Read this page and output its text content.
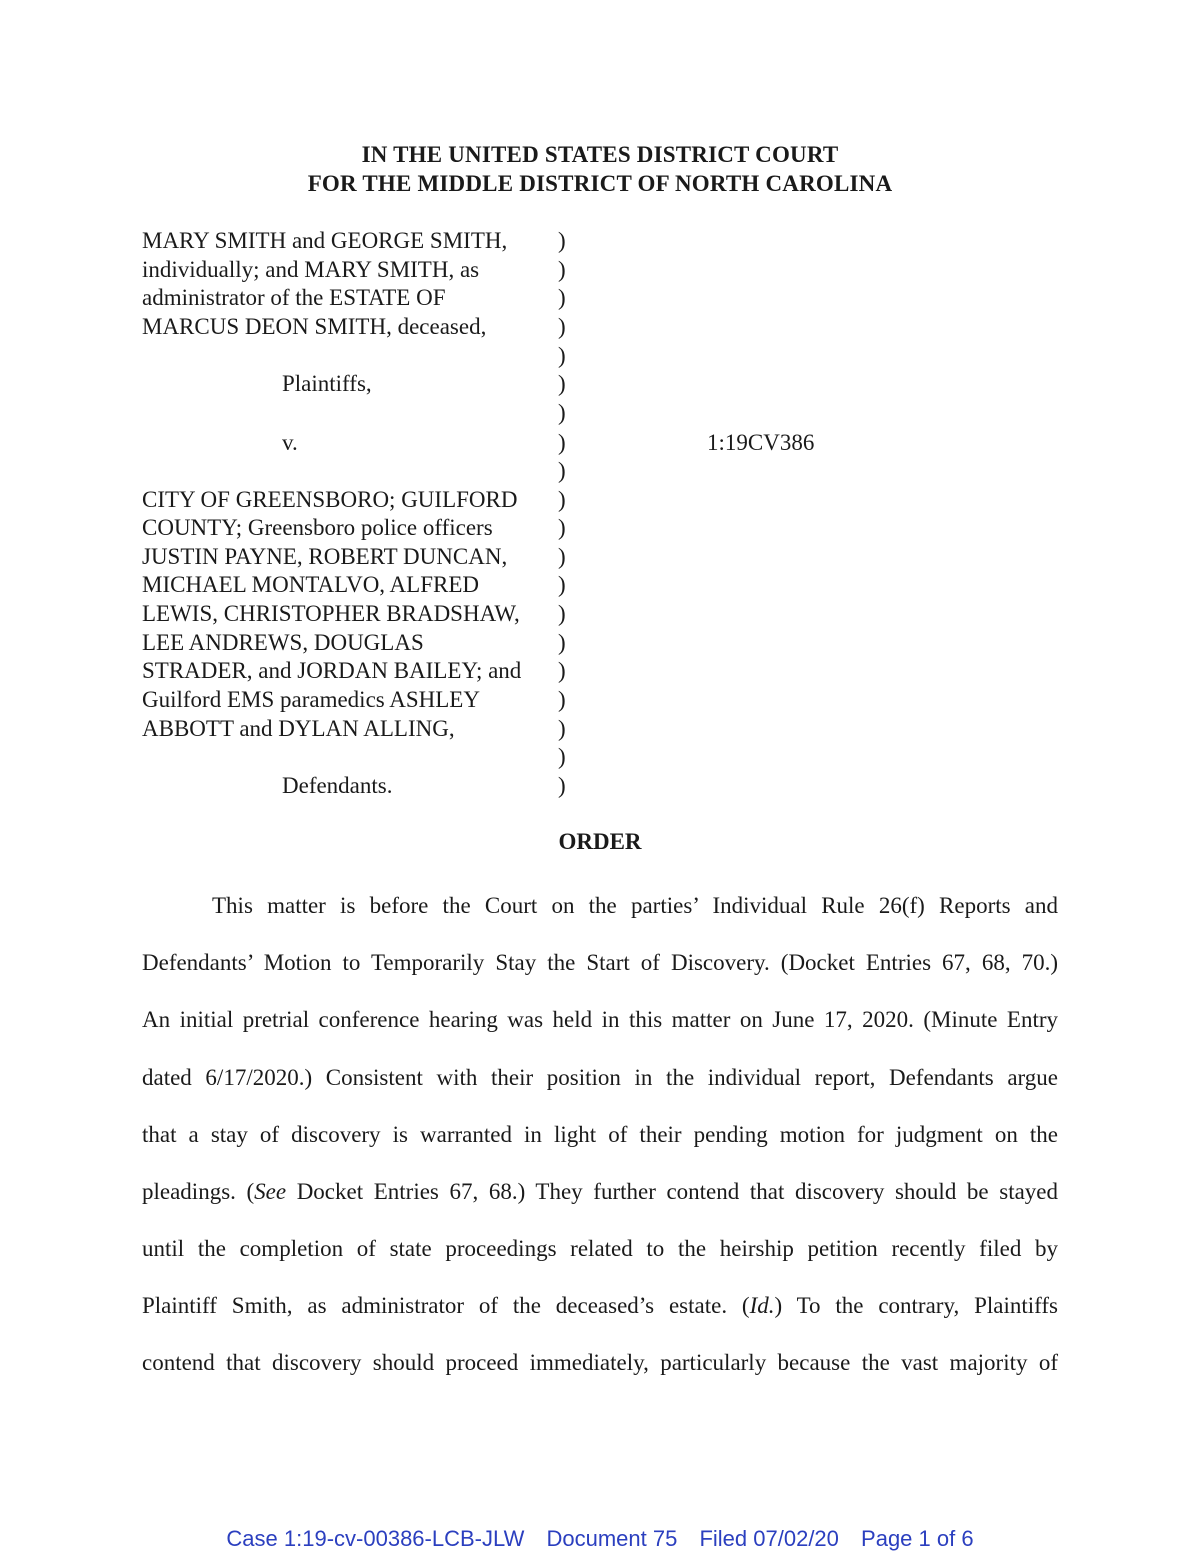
IN THE UNITED STATES DISTRICT COURT
FOR THE MIDDLE DISTRICT OF NORTH CAROLINA
MARY SMITH and GEORGE SMITH,
individually; and MARY SMITH, as
administrator of the ESTATE OF
MARCUS DEON SMITH, deceased,
Plaintiffs,
v.
CITY OF GREENSBORO; GUILFORD
COUNTY; Greensboro police officers
JUSTIN PAYNE, ROBERT DUNCAN,
MICHAEL MONTALVO, ALFRED
LEWIS, CHRISTOPHER BRADSHAW,
LEE ANDREWS, DOUGLAS
STRADER, and JORDAN BAILEY; and
Guilford EMS paramedics ASHLEY
ABBOTT and DYLAN ALLING,
Defendants.
)
)
)
)
)
)
)
)
)
)
)
)
)
)
)
)
)
)
)
)
1:19CV386
ORDER
This matter is before the Court on the parties’ Individual Rule 26(f) Reports and
Defendants’ Motion to Temporarily Stay the Start of Discovery. (Docket Entries 67, 68, 70.)
An initial pretrial conference hearing was held in this matter on June 17, 2020. (Minute Entry
dated 6/17/2020.) Consistent with their position in the individual report, Defendants argue
that a stay of discovery is warranted in light of their pending motion for judgment on the
pleadings. (See Docket Entries 67, 68.) They further contend that discovery should be stayed
until the completion of state proceedings related to the heirship petition recently filed by
Plaintiff Smith, as administrator of the deceased’s estate. (Id.) To the contrary, Plaintiffs
contend that discovery should proceed immediately, particularly because the vast majority of
Case 1:19-cv-00386-LCB-JLW Document 75 Filed 07/02/20 Page 1 of 6
